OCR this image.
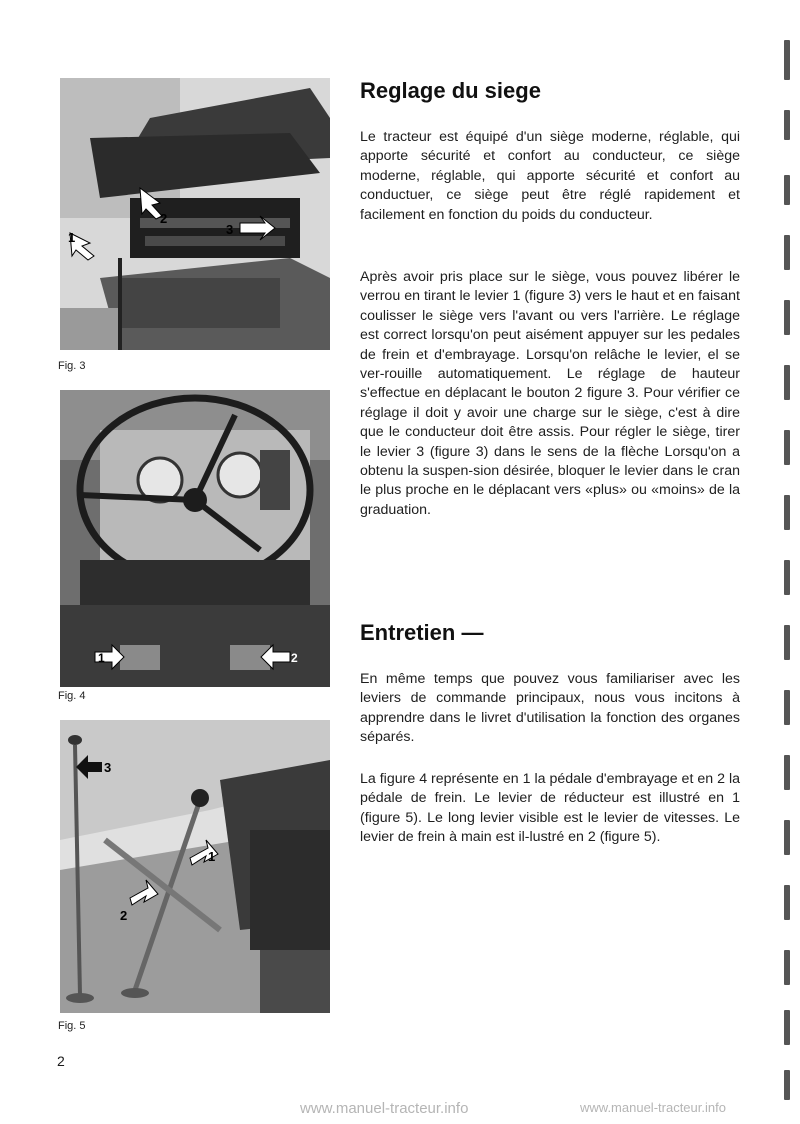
1
2
3
Fig. 3
1	2
Fig. 4
3
1
2
Fig. 5
Reglage du siege

Le tracteur est équipé d'un siège moderne, réglable, qui apporte sécurité et confort au conducteur, ce siège moderne, réglable, qui apporte sécurité et confort au conductuer, ce siège peut être réglé rapidement et facilement en fonction du poids du conducteur.

Après avoir pris place sur le siège, vous pouvez libérer le verrou en tirant le levier 1 (figure 3) vers le haut et en faisant coulisser le siège vers l'avant ou vers l'arrière. Le réglage est correct lorsqu'on peut aisément appuyer sur les pedales de frein et d'embrayage. Lorsqu'on relâche le levier, el se ver-rouille automatiquement. Le réglage de hauteur s'effectue en déplacant le bouton 2 figure 3. Pour vérifier ce réglage il doit y avoir une charge sur le siège, c'est à dire que le conducteur doit être assis. Pour régler le siège, tirer le levier 3 (figure 3) dans le sens de la flèche Lorsqu'on a obtenu la suspen-sion désirée, bloquer le levier dans le cran le plus proche en le déplacant vers «plus» ou «moins» de la graduation.

Entretien —

En même temps que pouvez vous familiariser avec les leviers de commande principaux, nous vous incitons à apprendre dans le livret d'utilisation la fonction des organes séparés.

La figure 4 représente en 1 la pédale d'embrayage et en 2 la pédale de frein. Le levier de réducteur est illustré en 1 (figure 5). Le long levier visible est le levier de vitesses. Le levier de frein à main est il-lustré en 2 (figure 5).

2
www.manuel-tracteur.info	www.manuel-tracteur.info
